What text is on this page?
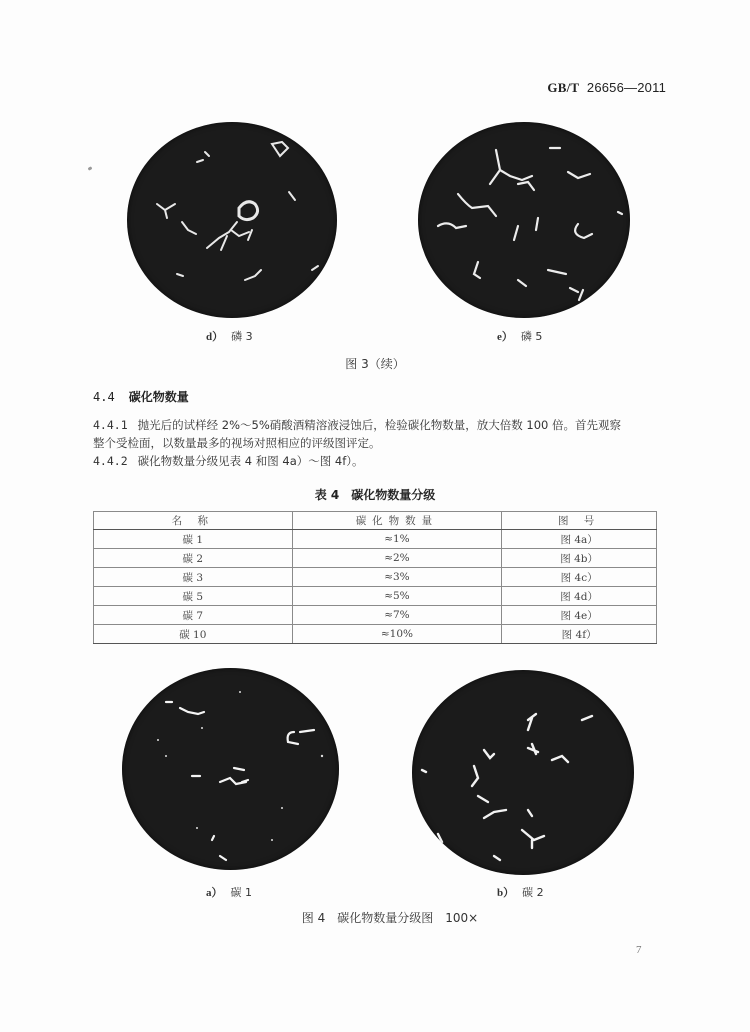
GB/T 26656—2011
d） 磷 3	e） 磷 5
图 3（续）
4.4 碳化物数量
4.4.1 抛光后的试样经 2%～5%硝酸酒精溶液浸蚀后，检验碳化物数量，放大倍数 100 倍。首先观察
整个受检面，以数量最多的视场对照相应的评级图评定。
4.4.2 碳化物数量分级见表 4 和图 4a）～图 4f）。
表 4　碳化物数量分级
名 称	碳化物数量	图 号
碳 1	≈1%	图 4a）
碳 2	≈2%	图 4b）
碳 3	≈3%	图 4c）
碳 5	≈5%	图 4d）
碳 7	≈7%	图 4e）
碳 10	≈10%	图 4f）
a） 碳 1	b） 碳 2
图 4　碳化物数量分级图　100×
7
